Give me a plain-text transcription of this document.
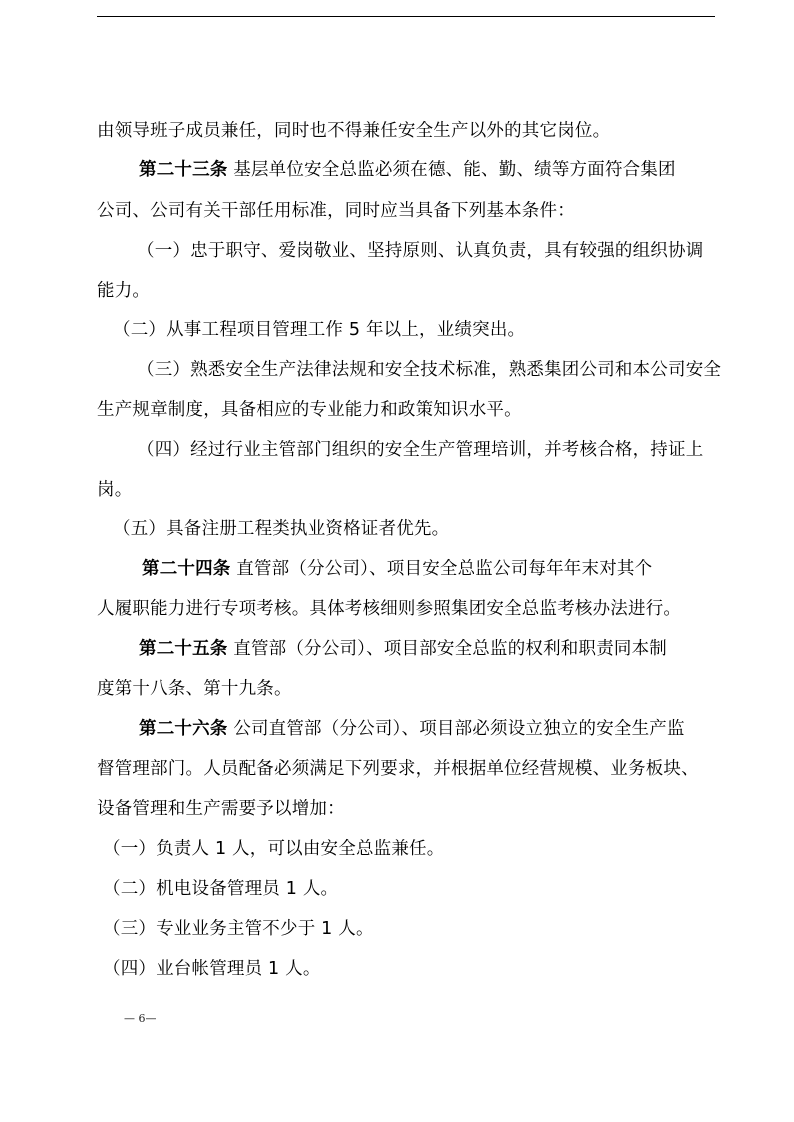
由领导班子成员兼任，同时也不得兼任安全生产以外的其它岗位。
第二十三条 基层单位安全总监必须在德、能、勤、绩等方面符合集团
公司、公司有关干部任用标准，同时应当具备下列基本条件：
（一）忠于职守、爱岗敬业、坚持原则、认真负责，具有较强的组织协调
能力。
（二）从事工程项目管理工作 5 年以上，业绩突出。
（三）熟悉安全生产法律法规和安全技术标准，熟悉集团公司和本公司安全
生产规章制度，具备相应的专业能力和政策知识水平。
（四）经过行业主管部门组织的安全生产管理培训，并考核合格，持证上
岗。
（五）具备注册工程类执业资格证者优先。
第二十四条 直管部（分公司）、项目安全总监公司每年年末对其个
人履职能力进行专项考核。具体考核细则参照集团安全总监考核办法进行。
第二十五条 直管部（分公司）、项目部安全总监的权利和职责同本制
度第十八条、第十九条。
第二十六条 公司直管部（分公司）、项目部必须设立独立的安全生产监
督管理部门。人员配备必须满足下列要求，并根据单位经营规模、业务板块、
设备管理和生产需要予以增加：
（一）负责人 1 人，可以由安全总监兼任。
（二）机电设备管理员 1 人。
（三）专业业务主管不少于 1 人。
（四）业台帐管理员 1 人。
— 6—
